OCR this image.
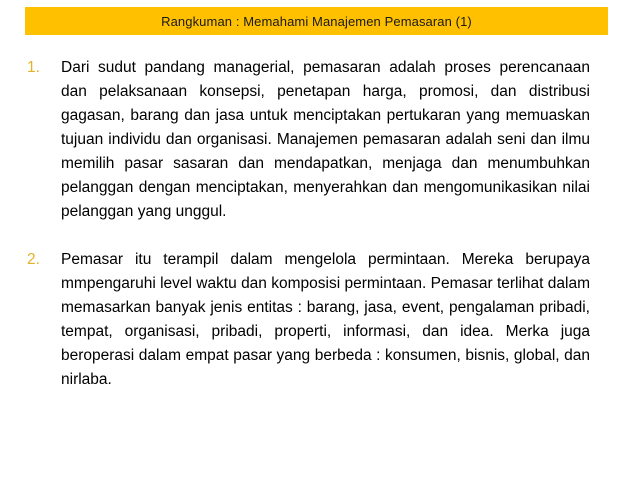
Rangkuman : Memahami Manajemen Pemasaran (1)
1.	Dari sudut pandang managerial, pemasaran adalah proses perencanaan dan pelaksanaan konsepsi, penetapan harga, promosi, dan distribusi gagasan, barang dan jasa untuk menciptakan pertukaran yang memuaskan tujuan individu dan organisasi. Manajemen pemasaran adalah seni dan ilmu memilih pasar sasaran dan mendapatkan, menjaga dan menumbuhkan pelanggan dengan menciptakan, menyerahkan dan mengomunikasikan nilai pelanggan yang unggul.
2.	Pemasar itu terampil dalam mengelola permintaan. Mereka berupaya mmpengaruhi level waktu dan komposisi permintaan. Pemasar terlihat dalam memasarkan banyak jenis entitas : barang, jasa, event, pengalaman pribadi, tempat, organisasi, pribadi, properti, informasi, dan idea. Merka juga beroperasi dalam empat pasar yang berbeda : konsumen, bisnis, global, dan nirlaba.
